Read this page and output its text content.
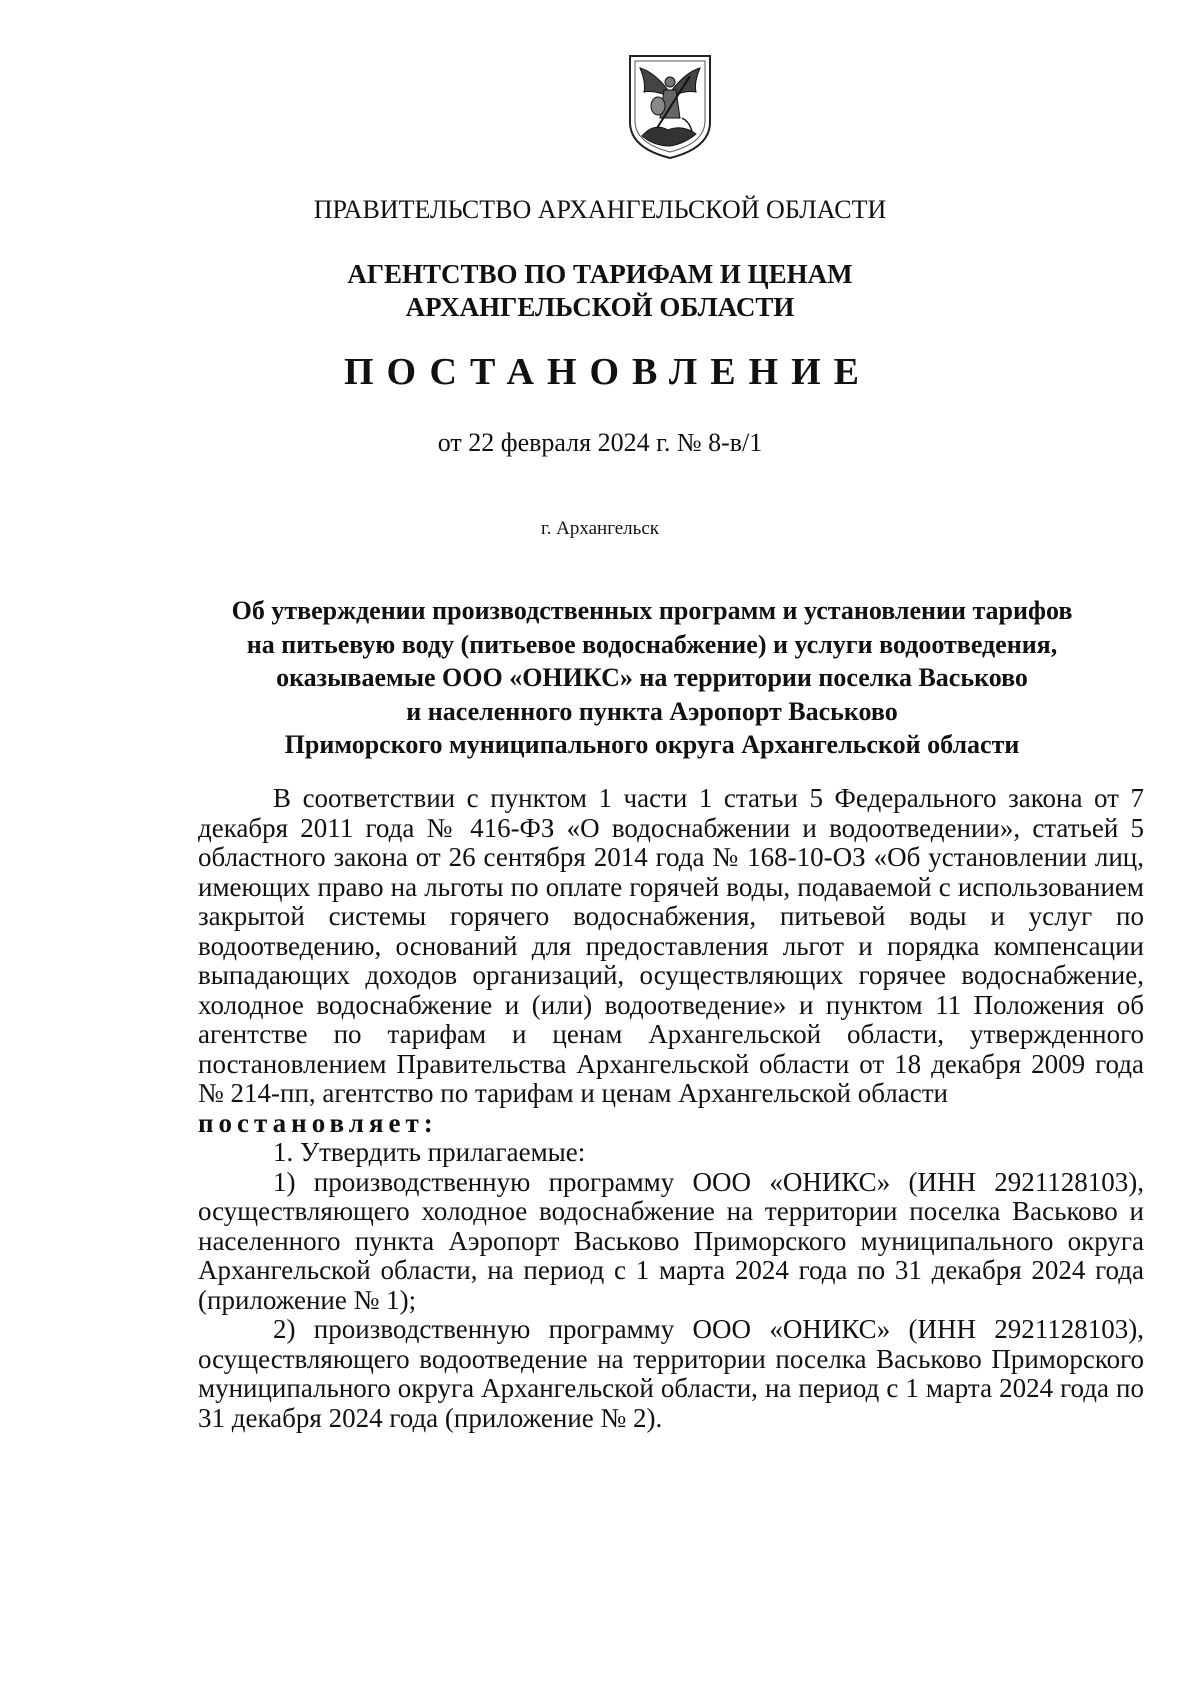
ПРАВИТЕЛЬСТВО АРХАНГЕЛЬСКОЙ ОБЛАСТИ

АГЕНТСТВО ПО ТАРИФАМ И ЦЕНАМ
АРХАНГЕЛЬСКОЙ ОБЛАСТИ

ПОСТАНОВЛЕНИЕ

от 22 февраля 2024 г. № 8-в/1

г. Архангельск

Об утверждении производственных программ и установлении тарифов
на питьевую воду (питьевое водоснабжение) и услуги водоотведения,
оказываемые ООО «ОНИКС» на территории поселка Васьково
и населенного пункта Аэропорт Васьково
Приморского муниципального округа Архангельской области

В соответствии с пунктом 1 части 1 статьи 5 Федерального закона от 7 декабря 2011 года № 416-ФЗ «О водоснабжении и водоотведении», статьей 5 областного закона от 26 сентября 2014 года № 168-10-ОЗ «Об установлении лиц, имеющих право на льготы по оплате горячей воды, подаваемой с использованием закрытой системы горячего водоснабжения, питьевой воды и услуг по водоотведению, оснований для предоставления льгот и порядка компенсации выпадающих доходов организаций, осуществляющих горячее водоснабжение, холодное водоснабжение и (или) водоотведение» и пунктом 11 Положения об агентстве по тарифам и ценам Архангельской области, утвержденного постановлением Правительства Архангельской области от 18 декабря 2009 года № 214-пп, агентство по тарифам и ценам Архангельской области

постановляет:

1. Утвердить прилагаемые:

1) производственную программу ООО «ОНИКС» (ИНН 2921128103), осуществляющего холодное водоснабжение на территории поселка Васьково и населенного пункта Аэропорт Васьково Приморского муниципального округа Архангельской области, на период с 1 марта 2024 года по 31 декабря 2024 года (приложение № 1);

2) производственную программу ООО «ОНИКС» (ИНН 2921128103), осуществляющего водоотведение на территории поселка Васьково Приморского муниципального округа Архангельской области, на период с 1 марта 2024 года по 31 декабря 2024 года (приложение № 2).
